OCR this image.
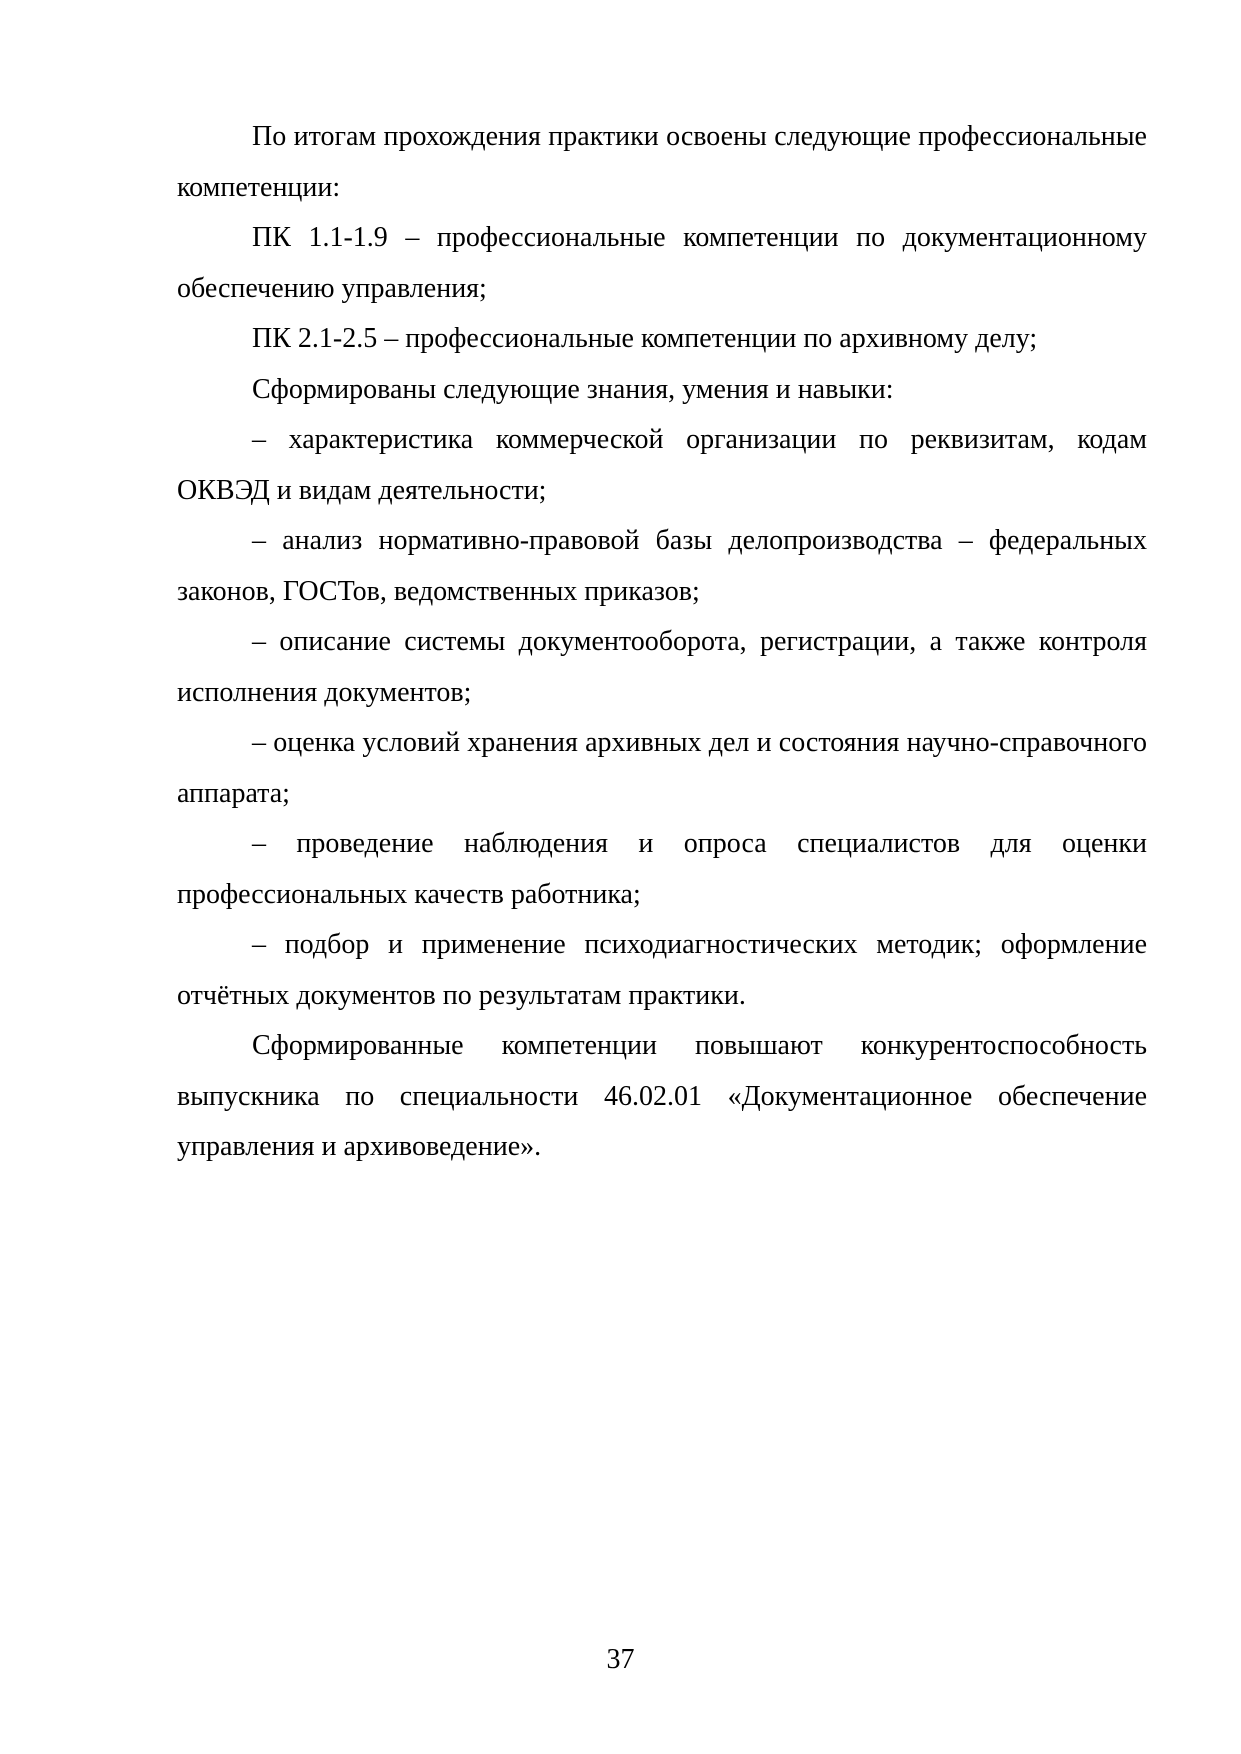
По итогам прохождения практики освоены следующие профессиональные компетенции:

ПК 1.1-1.9 – профессиональные компетенции по документационному обеспечению управления;

ПК 2.1-2.5 – профессиональные компетенции по архивному делу;

Сформированы следующие знания, умения и навыки:

– характеристика коммерческой организации по реквизитам, кодам ОКВЭД и видам деятельности;

– анализ нормативно-правовой базы делопроизводства – федеральных законов, ГОСТов, ведомственных приказов;

– описание системы документооборота, регистрации, а также контроля исполнения документов;

– оценка условий хранения архивных дел и состояния научно-справочного аппарата;

– проведение наблюдения и опроса специалистов для оценки профессиональных качеств работника;

– подбор и применение психодиагностических методик; оформление отчётных документов по результатам практики.

Сформированные компетенции повышают конкурентоспособность выпускника по специальности 46.02.01 «Документационное обеспечение управления и архивоведение».

37
